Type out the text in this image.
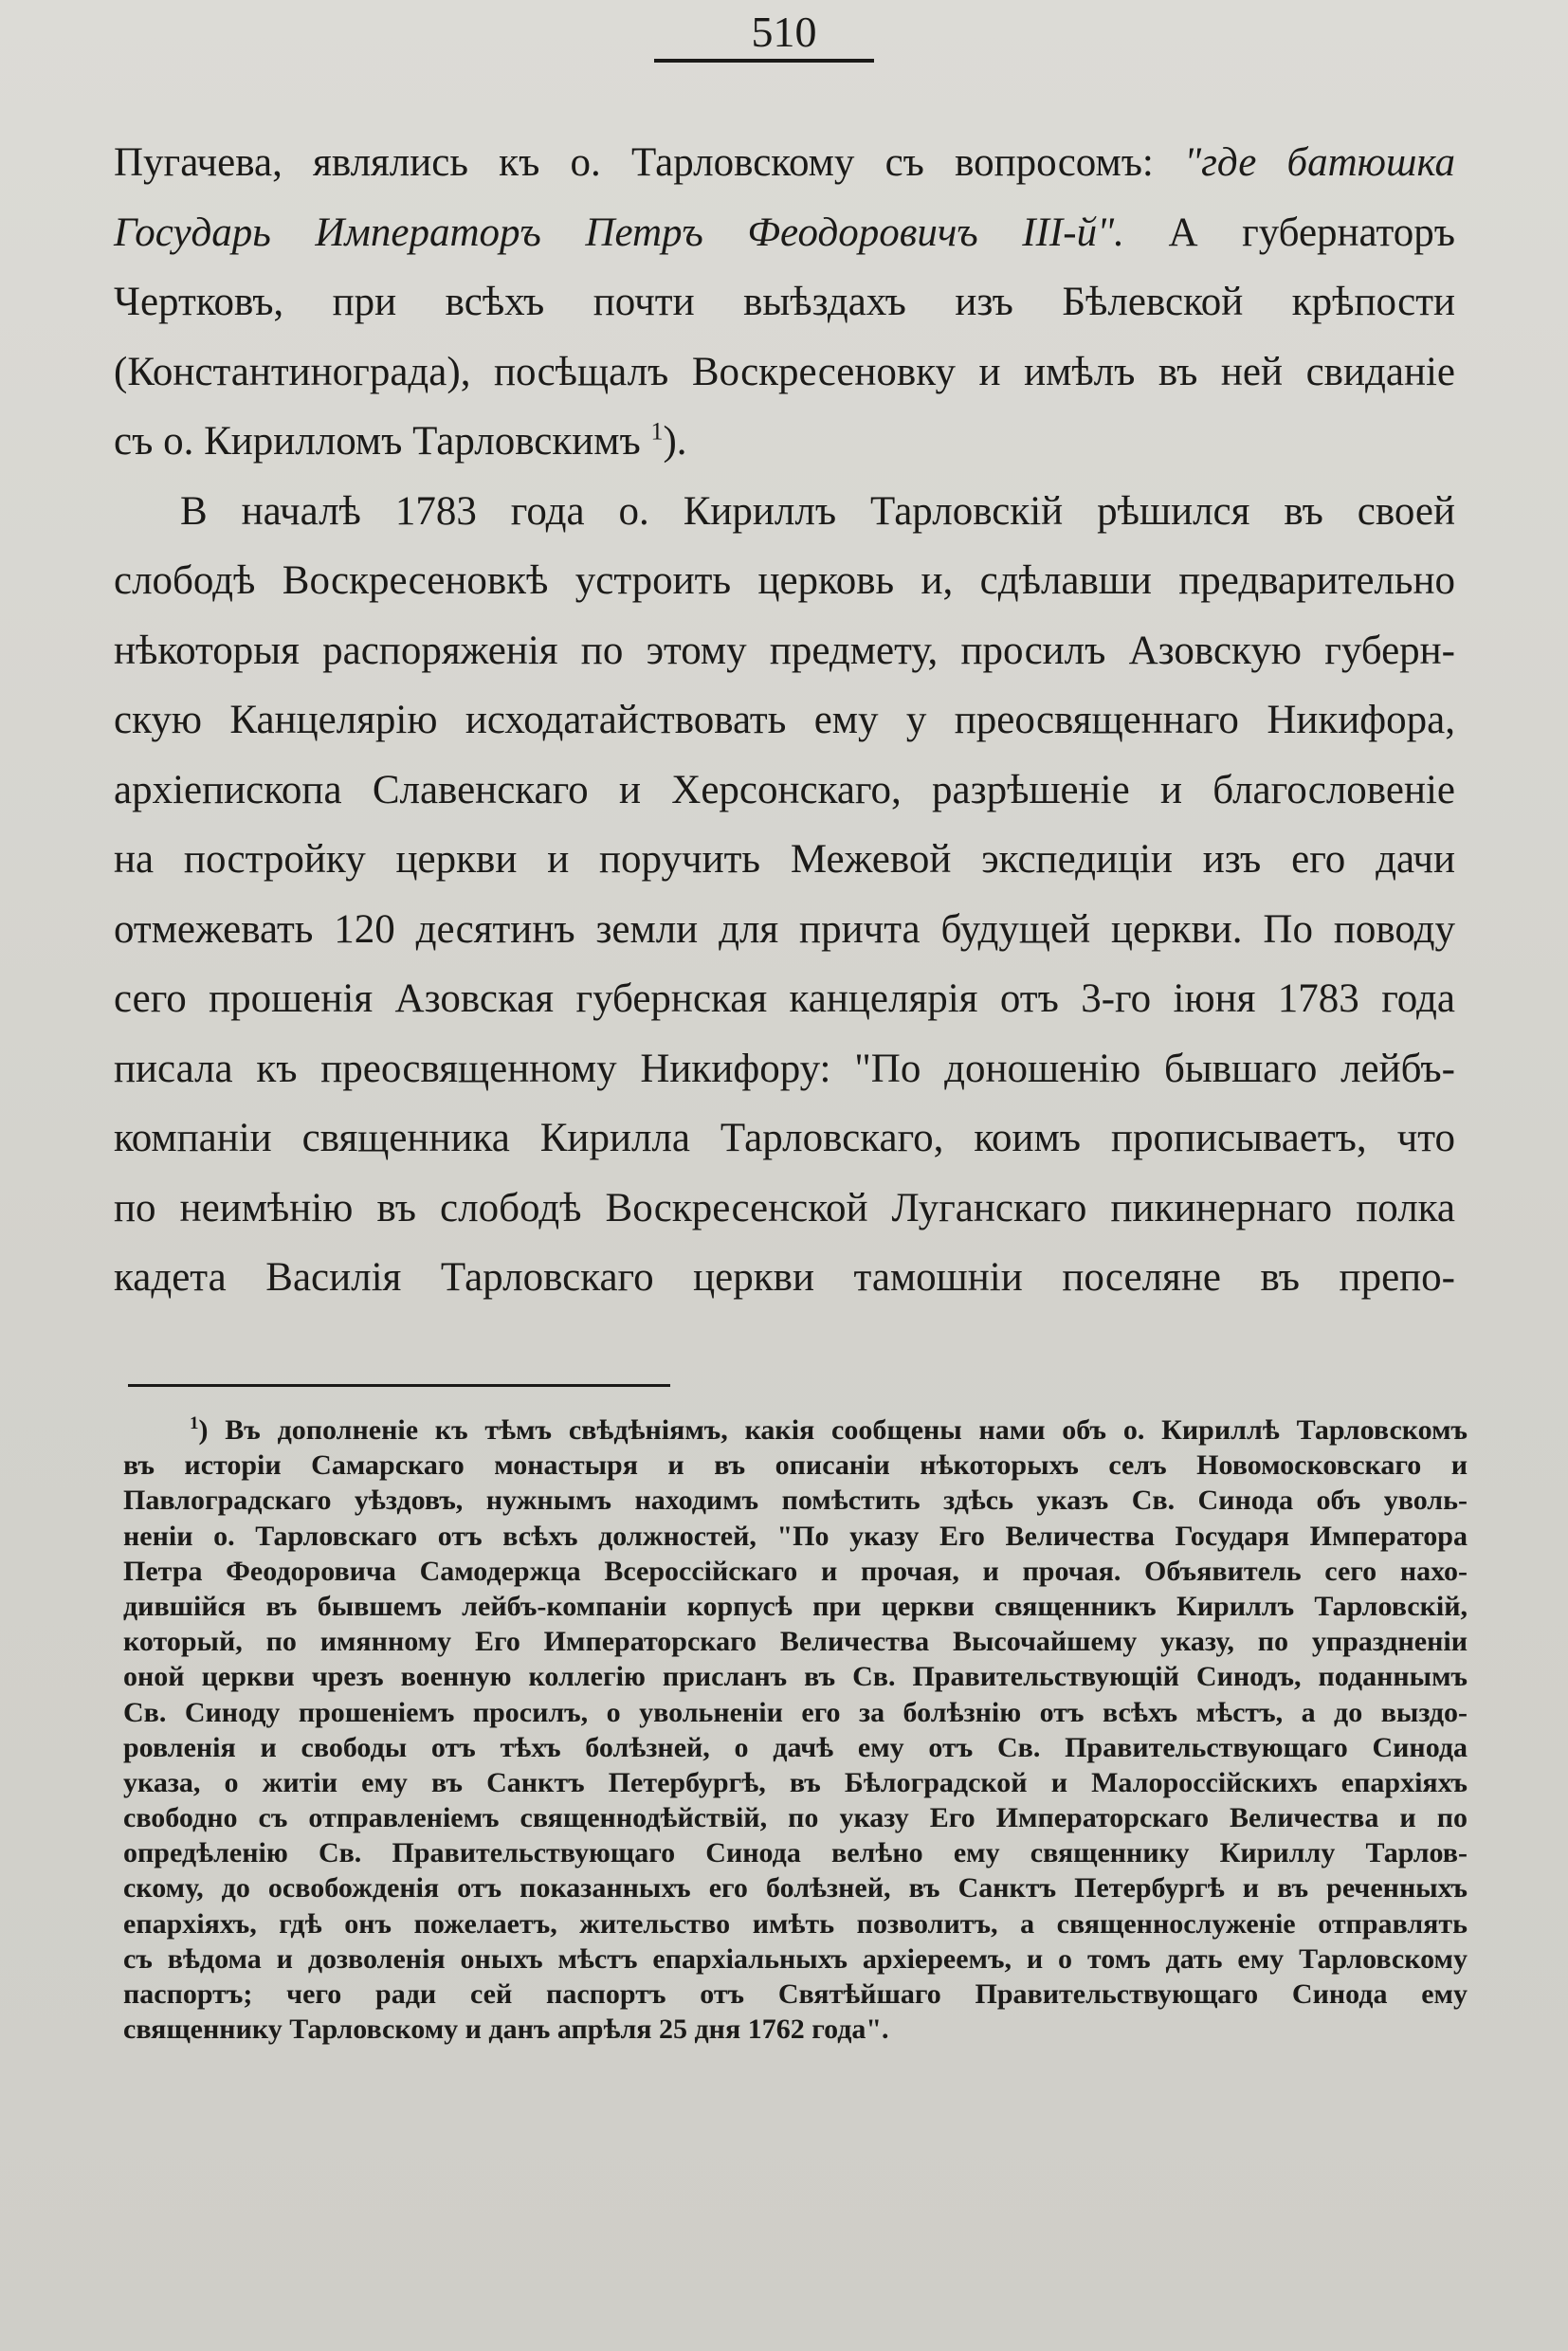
510
Пугачева, являлись къ о. Тарловскому съ вопросомъ: "где батюшка
Государь Императоръ Петръ Феодоровичъ III-й". А губернаторъ
Чертковъ, при всѣхъ почти выѣздахъ изъ Бѣлевской крѣпости
(Константинограда), посѣщалъ Воскресеновку и имѣлъ въ ней свиданіе
съ о. Кирилломъ Тарловскимъ $^1$).
В началѣ 1783 года о. Кириллъ Тарловскій рѣшился въ своей
слободѣ Воскресеновкѣ устроить церковь и, сдѣлавши предварительно
нѣкоторыя распоряженія по этому предмету, просилъ Азовскую губерн-
скую Канцелярію исходатайствовать ему у преосвященнаго Никифора,
архіепископа Славенскаго и Херсонскаго, разрѣшеніе и благословеніе
на постройку церкви и поручить Межевой экспедиціи изъ его дачи
отмежевать 120 десятинъ земли для причта будущей церкви. По поводу
сего прошенія Азовская губернская канцелярія отъ 3-го іюня 1783 года
писала къ преосвященному Никифору: "По доношенію бывшаго лейбъ-
компаніи священника Кирилла Тарловскаго, коимъ прописываетъ, что
по неимѣнію въ слободѣ Воскресенской Луганскаго пикинернаго полка
кадета Василія Тарловскаго церкви тамошніи поселяне въ препо-
$^1$) Въ дополненіе къ тѣмъ свѣдѣніямъ, какія сообщены нами объ о. Кириллѣ Тарловскомъ
въ исторіи Самарскаго монастыря и въ описаніи нѣкоторыхъ селъ Новомосковскаго и
Павлоградскаго уѣздовъ, нужнымъ находимъ помѣстить здѣсь указъ Св. Синода объ уволь-
неніи о. Тарловскаго отъ всѣхъ должностей, "По указу Его Величества Государя Императора
Петра Феодоровича Самодержца Всероссійскаго и прочая, и прочая. Объявитель сего нахо-
дившійся въ бывшемъ лейбъ-компаніи корпусѣ при церкви священникъ Кириллъ Тарловскій,
который, по имянному Его Императорскаго Величества Высочайшему указу, по упраздненіи
оной церкви чрезъ военную коллегію присланъ въ Св. Правительствующій Синодъ, поданнымъ
Св. Синоду прошеніемъ просилъ, о увольненіи его за болѣзнію отъ всѣхъ мѣстъ, а до выздо-
ровленія и свободы отъ тѣхъ болѣзней, о дачѣ ему отъ Св. Правительствующаго Синода
указа, о житіи ему въ Санктъ Петербургѣ, въ Бѣлоградской и Малороссійскихъ епархіяхъ
свободно съ отправленіемъ священнодѣйствій, по указу Его Императорскаго Величества и по
опредѣленію Св. Правительствующаго Синода велѣно ему священнику Кириллу Тарлов-
скому, до освобожденія отъ показанныхъ его болѣзней, въ Санктъ Петербургѣ и въ реченныхъ
епархіяхъ, гдѣ онъ пожелаетъ, жительство имѣть позволитъ, а священнослуженіе отправлять
съ вѣдома и дозволенія оныхъ мѣстъ епархіальныхъ архіереемъ, и о томъ дать ему Тарловскому
паспортъ; чего ради сей паспортъ отъ Святѣйшаго Правительствующаго Синода ему
священнику Тарловскому и данъ апрѣля 25 дня 1762 года".
